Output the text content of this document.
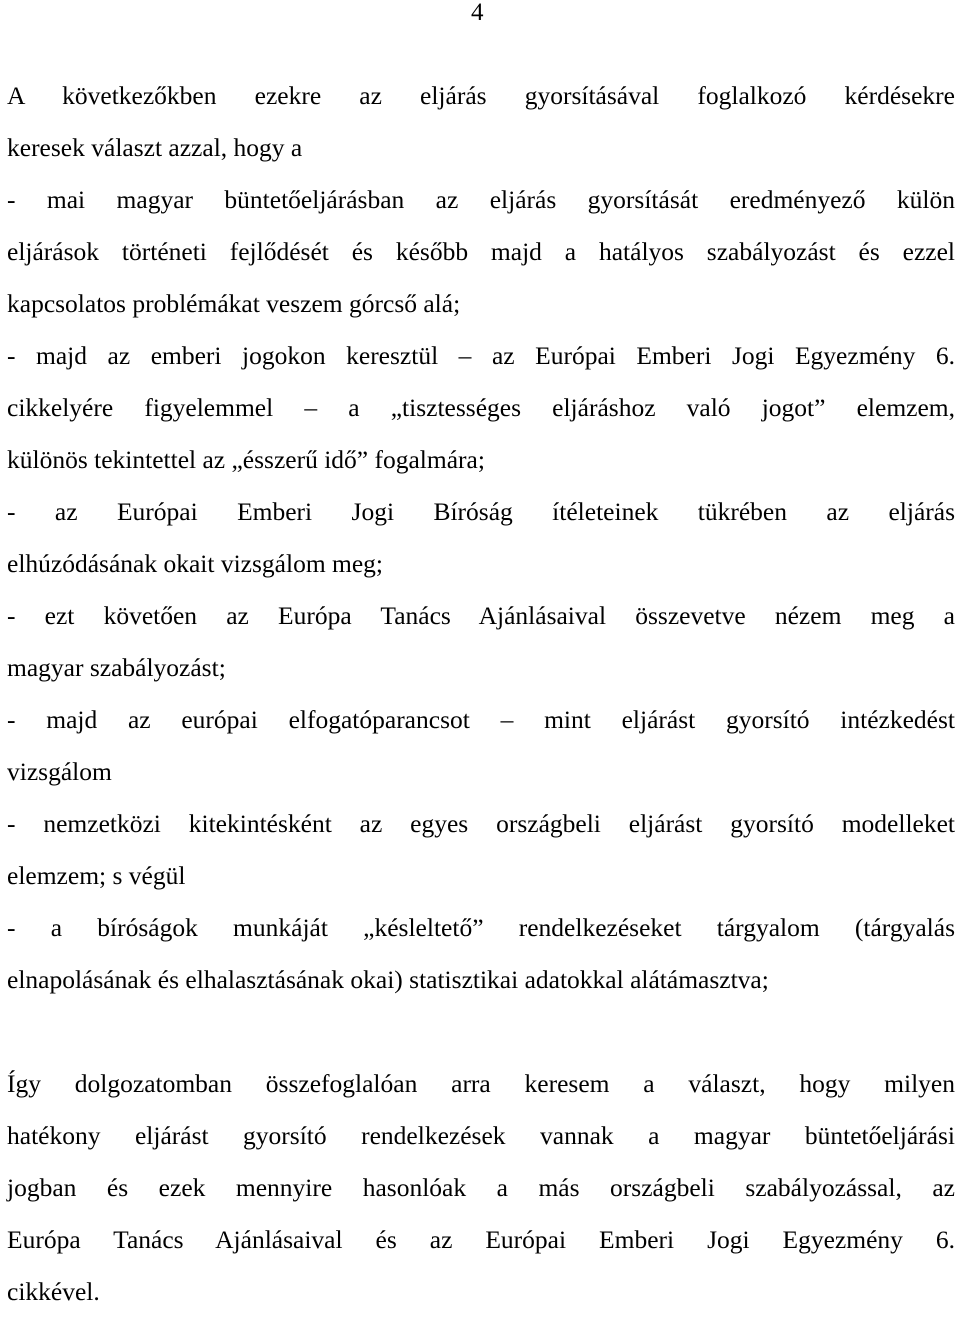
4

A következőkben ezekre az eljárás gyorsításával foglalkozó kérdésekre
keresek választ azzal, hogy a

- mai magyar büntetőeljárásban az eljárás gyorsítását eredményező külön
eljárások történeti fejlődését és később majd a hatályos szabályozást és ezzel
kapcsolatos problémákat veszem górcső alá;

- majd az emberi jogokon keresztül – az Európai Emberi Jogi Egyezmény 6.
cikkelyére figyelemmel – a „tisztességes eljáráshoz való jogot” elemzem,
különös tekintettel az „ésszerű idő” fogalmára;

- az Európai Emberi Jogi Bíróság ítéleteinek tükrében az eljárás
elhúzódásának okait vizsgálom meg;

- ezt követően az Európa Tanács Ajánlásaival összevetve nézem meg a
magyar szabályozást;

- majd az európai elfogatóparancsot – mint eljárást gyorsító intézkedést
vizsgálom

- nemzetközi kitekintésként az egyes országbeli eljárást gyorsító modelleket
elemzem; s végül

- a bíróságok munkáját „késleltető” rendelkezéseket tárgyalom (tárgyalás
elnapolásának és elhalasztásának okai) statisztikai adatokkal alátámasztva;

Így dolgozatomban összefoglalóan arra keresem a választ, hogy milyen
hatékony eljárást gyorsító rendelkezések vannak a magyar büntetőeljárási
jogban és ezek mennyire hasonlóak a más országbeli szabályozással, az
Európa Tanács Ajánlásaival és az Európai Emberi Jogi Egyezmény 6.
cikkével.
